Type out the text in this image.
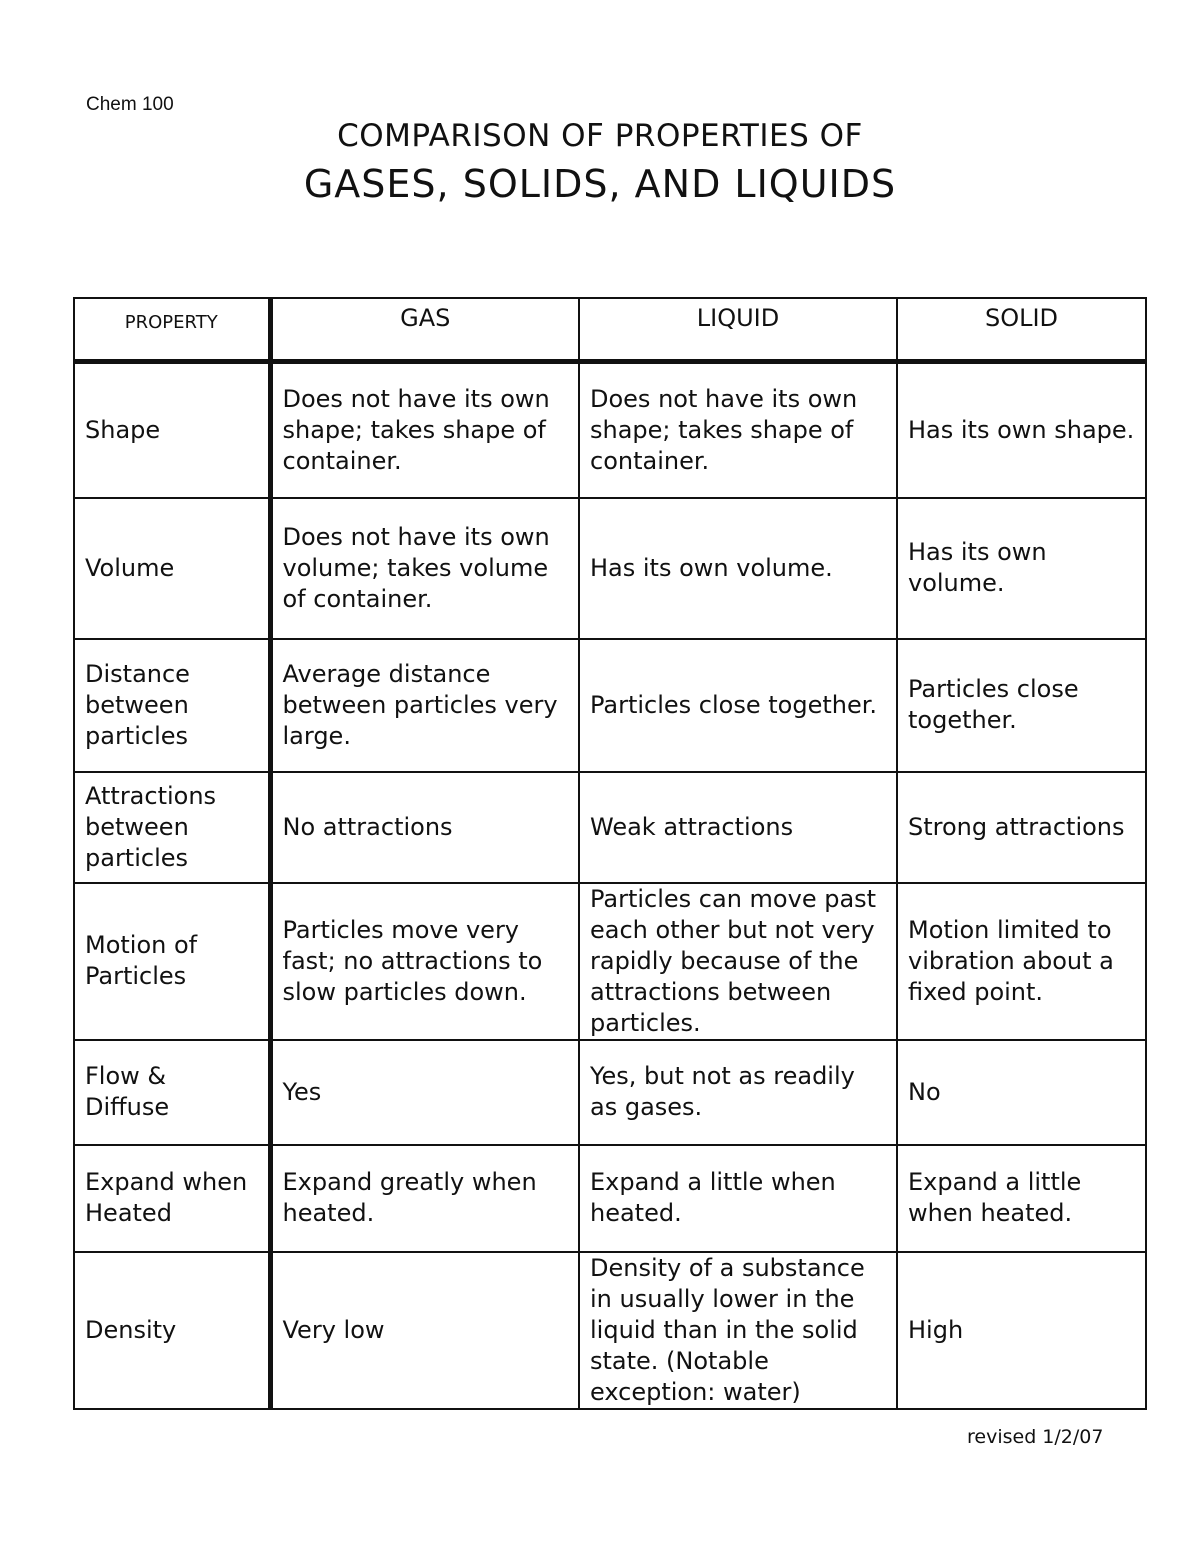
Chem 100
COMPARISON OF PROPERTIES OF
GASES, SOLIDS, AND LIQUIDS
PROPERTY	GAS	LIQUID	SOLID
Shape	Does not have its own shape; takes shape of container.	Does not have its own shape; takes shape of container.	Has its own shape.
Volume	Does not have its own volume; takes volume of container.	Has its own volume.	Has its own volume.
Distance between particles	Average distance between particles very large.	Particles close together.	Particles close together.
Attractions between particles	No attractions	Weak attractions	Strong attractions
Motion of Particles	Particles move very fast; no attractions to slow particles down.	Particles can move past each other but not very rapidly because of the attractions between particles.	Motion limited to vibration about a fixed point.
Flow & Diffuse	Yes	Yes, but not as readily as gases.	No
Expand when Heated	Expand greatly when heated.	Expand a little when heated.	Expand a little when heated.
Density	Very low	Density of a substance in usually lower in the liquid than in the solid state. (Notable exception: water)	High
revised 1/2/07
